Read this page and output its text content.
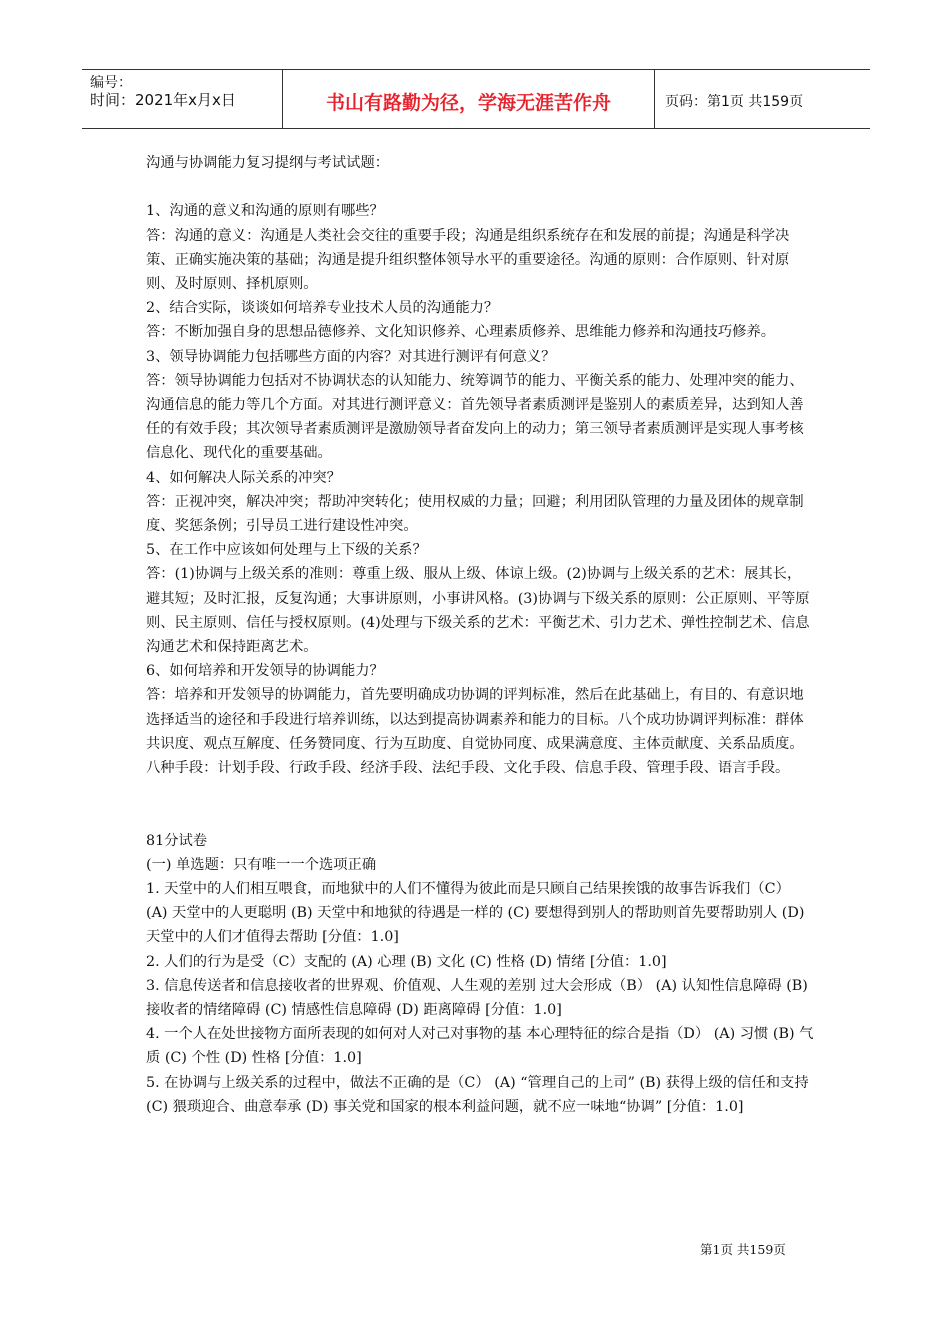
编号：
时间：2021年x月x日	书山有路勤为径，学海无涯苦作舟	页码：第1页 共159页

沟通与协调能力复习提纲与考试试题：

1、沟通的意义和沟通的原则有哪些？

答：沟通的意义：沟通是人类社会交往的重要手段；沟通是组织系统存在和发展的前提；沟通是科学决策、正确实施决策的基础；沟通是提升组织整体领导水平的重要途径。沟通的原则：合作原则、针对原则、及时原则、择机原则。

2、结合实际，谈谈如何培养专业技术人员的沟通能力？

答：不断加强自身的思想品德修养、文化知识修养、心理素质修养、思维能力修养和沟通技巧修养。

3、领导协调能力包括哪些方面的内容？对其进行测评有何意义？

答：领导协调能力包括对不协调状态的认知能力、统筹调节的能力、平衡关系的能力、处理冲突的能力、沟通信息的能力等几个方面。对其进行测评意义：首先领导者素质测评是鉴别人的素质差异，达到知人善任的有效手段；其次领导者素质测评是激励领导者奋发向上的动力；第三领导者素质测评是实现人事考核信息化、现代化的重要基础。

4、如何解决人际关系的冲突？

答：正视冲突，解决冲突；帮助冲突转化；使用权威的力量；回避；利用团队管理的力量及团体的规章制度、奖惩条例；引导员工进行建设性冲突。

5、在工作中应该如何处理与上下级的关系？

答：(1)协调与上级关系的准则：尊重上级、服从上级、体谅上级。(2)协调与上级关系的艺术：展其长，避其短；及时汇报，反复沟通；大事讲原则，小事讲风格。(3)协调与下级关系的原则：公正原则、平等原则、民主原则、信任与授权原则。(4)处理与下级关系的艺术：平衡艺术、引力艺术、弹性控制艺术、信息沟通艺术和保持距离艺术。

6、如何培养和开发领导的协调能力？

答：培养和开发领导的协调能力，首先要明确成功协调的评判标准，然后在此基础上，有目的、有意识地选择适当的途径和手段进行培养训练，以达到提高协调素养和能力的目标。八个成功协调评判标准：群体共识度、观点互解度、任务赞同度、行为互助度、自觉协同度、成果满意度、主体贡献度、关系品质度。八种手段：计划手段、行政手段、经济手段、法纪手段、文化手段、信息手段、管理手段、语言手段。

81分试卷

(一) 单选题：只有唯一一个选项正确

1. 天堂中的人们相互喂食，而地狱中的人们不懂得为彼此而是只顾自己结果挨饿的故事告诉我们（C） (A) 天堂中的人更聪明 (B) 天堂中和地狱的待遇是一样的 (C) 要想得到别人的帮助则首先要帮助别人 (D) 天堂中的人们才值得去帮助 [分值：1.0]

2. 人们的行为是受（C）支配的 (A) 心理 (B) 文化 (C) 性格 (D) 情绪 [分值：1.0]

3. 信息传送者和信息接收者的世界观、价值观、人生观的差别 过大会形成（B） (A) 认知性信息障碍 (B) 接收者的情绪障碍 (C) 情感性信息障碍 (D) 距离障碍 [分值：1.0]

4. 一个人在处世接物方面所表现的如何对人对己对事物的基 本心理特征的综合是指（D） (A) 习惯 (B) 气质 (C) 个性 (D) 性格 [分值：1.0]

5. 在协调与上级关系的过程中，做法不正确的是（C） (A) “管理自己的上司” (B) 获得上级的信任和支持 (C) 猥琐迎合、曲意奉承 (D) 事关党和国家的根本利益问题，就不应一味地“协调” [分值：1.0]

第1页 共159页
